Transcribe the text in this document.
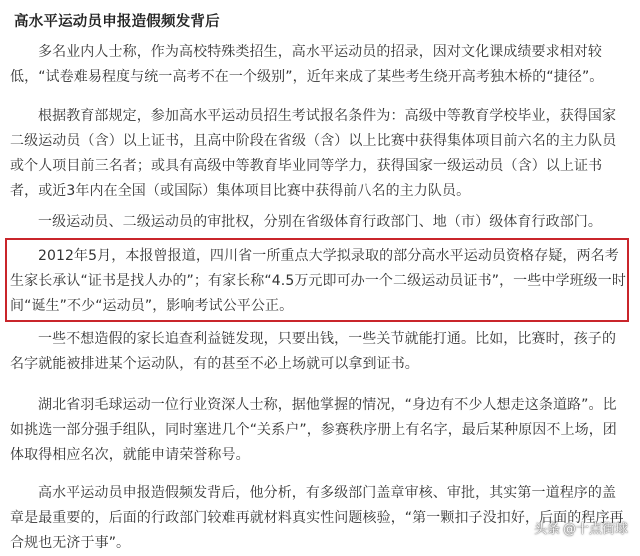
高水平运动员申报造假频发背后

多名业内人士称，作为高校特殊类招生，高水平运动员的招录，因对文化课成绩要求相对较低，“试卷难易程度与统一高考不在一个级别”，近年来成了某些考生绕开高考独木桥的“捷径”。

根据教育部规定，参加高水平运动员招生考试报名条件为：高级中等教育学校毕业，获得国家二级运动员（含）以上证书，且高中阶段在省级（含）以上比赛中获得集体项目前六名的主力队员或个人项目前三名者；或具有高级中等教育毕业同等学力，获得国家一级运动员（含）以上证书者，或近3年内在全国（或国际）集体项目比赛中获得前八名的主力队员。

一级运动员、二级运动员的审批权，分别在省级体育行政部门、地（市）级体育行政部门。

2012年5月，本报曾报道，四川省一所重点大学拟录取的部分高水平运动员资格存疑，两名考生家长承认“证书是找人办的”；有家长称“4.5万元即可办一个二级运动员证书”，一些中学班级一时间“诞生”不少“运动员”，影响考试公平公正。

一些不想造假的家长追查利益链发现，只要出钱，一些关节就能打通。比如，比赛时，孩子的名字就能被排进某个运动队，有的甚至不必上场就可以拿到证书。

湖北省羽毛球运动一位行业资深人士称，据他掌握的情况，“身边有不少人想走这条道路”。比如挑选一部分强手组队，同时塞进几个“关系户”，参赛秩序册上有名字，最后某种原因不上场，团体取得相应名次，就能申请荣誉称号。

高水平运动员申报造假频发背后，他分析，有多级部门盖章审核、审批，其实第一道程序的盖章是最重要的，后面的行政部门较难再就材料真实性问题核验，“第一颗扣子没扣好，后面的程序再合规也无济于事”。

头条 @十点街球
